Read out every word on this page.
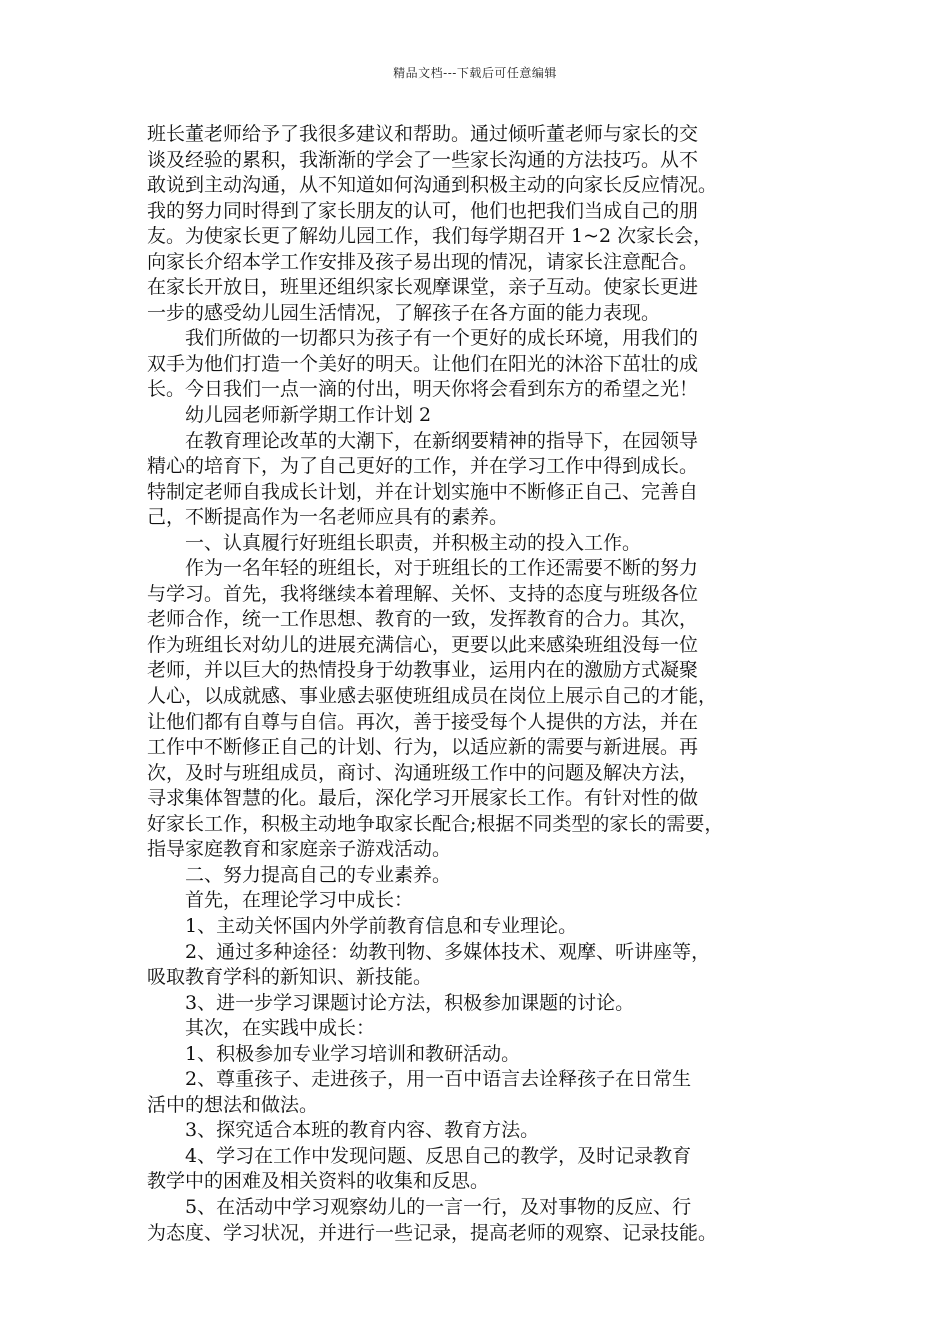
精品文档---下载后可任意编辑
班长董老师给予了我很多建议和帮助。通过倾听董老师与家长的交
谈及经验的累积，我渐渐的学会了一些家长沟通的方法技巧。从不
敢说到主动沟通，从不知道如何沟通到积极主动的向家长反应情况。
我的努力同时得到了家长朋友的认可，他们也把我们当成自己的朋
友。为使家长更了解幼儿园工作，我们每学期召开 1~2 次家长会，
向家长介绍本学工作安排及孩子易出现的情况，请家长注意配合。
在家长开放日，班里还组织家长观摩课堂，亲子互动。使家长更进
一步的感受幼儿园生活情况，了解孩子在各方面的能力表现。
　　我们所做的一切都只为孩子有一个更好的成长环境，用我们的
双手为他们打造一个美好的明天。让他们在阳光的沐浴下茁壮的成
长。今日我们一点一滴的付出，明天你将会看到东方的希望之光！
　　幼儿园老师新学期工作计划 2
　　在教育理论改革的大潮下，在新纲要精神的指导下，在园领导
精心的培育下，为了自己更好的工作，并在学习工作中得到成长。
特制定老师自我成长计划，并在计划实施中不断修正自己、完善自
己，不断提高作为一名老师应具有的素养。
　　一、认真履行好班组长职责，并积极主动的投入工作。
　　作为一名年轻的班组长，对于班组长的工作还需要不断的努力
与学习。首先，我将继续本着理解、关怀、支持的态度与班级各位
老师合作，统一工作思想、教育的一致，发挥教育的合力。其次，
作为班组长对幼儿的进展充满信心，更要以此来感染班组没每一位
老师，并以巨大的热情投身于幼教事业，运用内在的激励方式凝聚
人心，以成就感、事业感去驱使班组成员在岗位上展示自己的才能，
让他们都有自尊与自信。再次，善于接受每个人提供的方法，并在
工作中不断修正自己的计划、行为，以适应新的需要与新进展。再
次，及时与班组成员，商讨、沟通班级工作中的问题及解决方法，
寻求集体智慧的化。最后，深化学习开展家长工作。有针对性的做
好家长工作，积极主动地争取家长配合;根据不同类型的家长的需要，
指导家庭教育和家庭亲子游戏活动。
　　二、努力提高自己的专业素养。
　　首先，在理论学习中成长：
　　1、主动关怀国内外学前教育信息和专业理论。
　　2、通过多种途径：幼教刊物、多媒体技术、观摩、听讲座等，
吸取教育学科的新知识、新技能。
　　3、进一步学习课题讨论方法，积极参加课题的讨论。
　　其次，在实践中成长：
　　1、积极参加专业学习培训和教研活动。
　　2、尊重孩子、走进孩子，用一百中语言去诠释孩子在日常生
活中的想法和做法。
　　3、探究适合本班的教育内容、教育方法。
　　4、学习在工作中发现问题、反思自己的教学，及时记录教育
教学中的困难及相关资料的收集和反思。
　　5、在活动中学习观察幼儿的一言一行，及对事物的反应、行
为态度、学习状况，并进行一些记录，提高老师的观察、记录技能。
